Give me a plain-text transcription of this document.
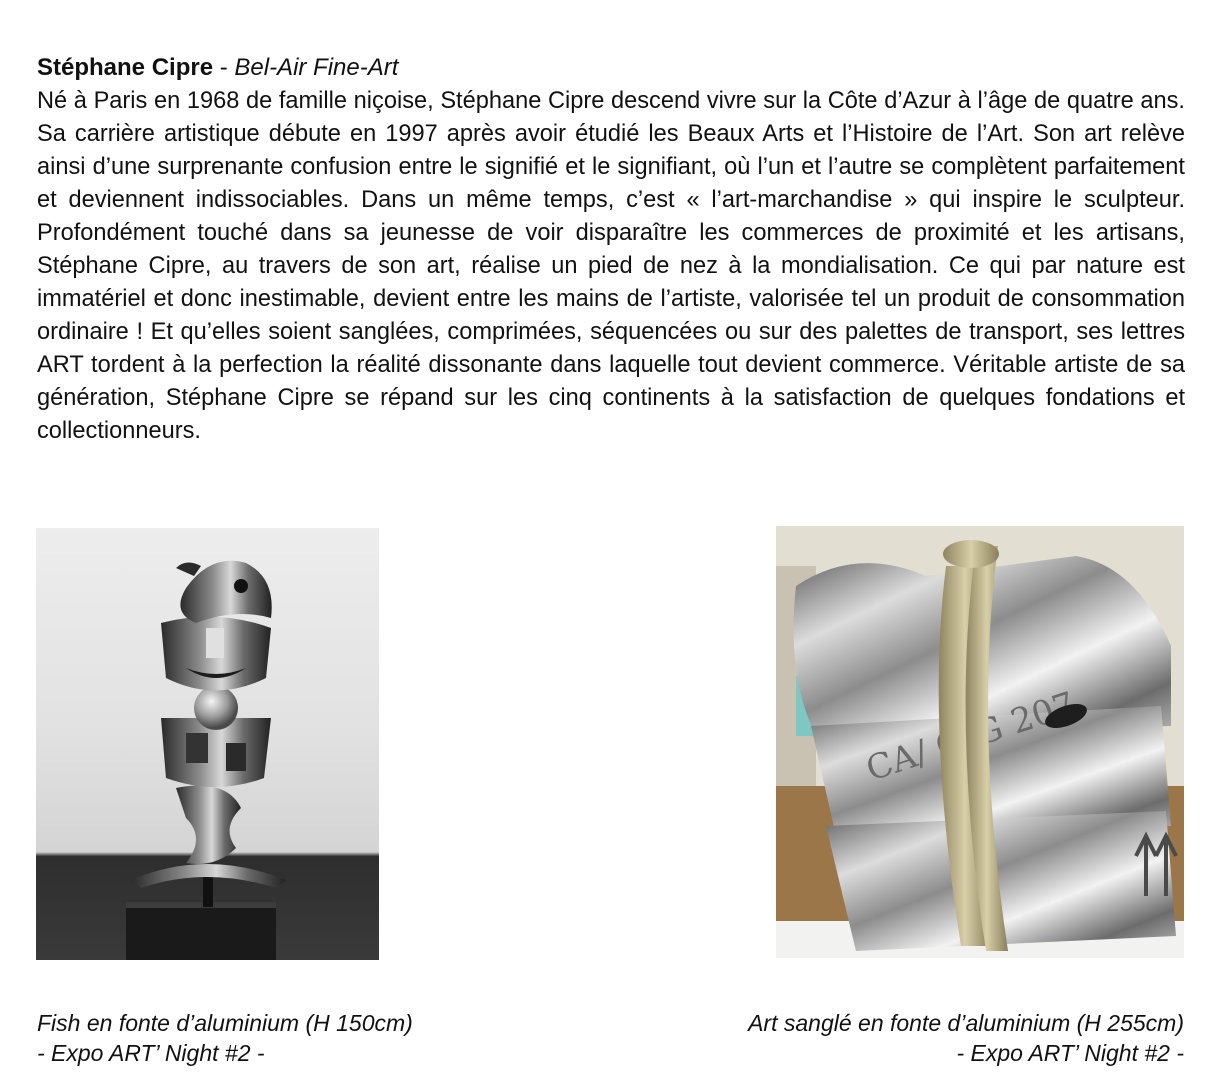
Stéphane Cipre - Bel-Air Fine-Art

Né à Paris en 1968 de famille niçoise, Stéphane Cipre descend vivre sur la Côte d’Azur à l’âge de quatre ans. Sa carrière artistique débute en 1997 après avoir étudié les Beaux Arts et l’Histoire de l’Art. Son art relève ainsi d’une surprenante confusion entre le signifié et le signifiant, où l’un et l’autre se complètent parfaitement et deviennent indissociables. Dans un même temps, c’est « l’art-marchandise » qui inspire le sculpteur. Profondément touché dans sa jeunesse de voir disparaître les commerces de proximité et les artisans, Stéphane Cipre, au travers de son art, réalise un pied de nez à la mondialisation. Ce qui par nature est immatériel et donc inestimable, devient entre les mains de l’artiste, valorisée tel un produit de consommation ordinaire ! Et qu’elles soient sanglées, comprimées, séquencées ou sur des palettes de transport, ses lettres ART tordent à la perfection la réalité dissonante dans laquelle tout devient commerce. Véritable artiste de sa génération, Stéphane Cipre se répand sur les cinq continents à la satisfaction de quelques fondations et collectionneurs.

CA/ 207
Fish en fonte d’aluminium (H 150cm)
- Expo ART’ Night #2 -
Art sanglé en fonte d’aluminium (H 255cm)
- Expo ART’ Night #2 -
